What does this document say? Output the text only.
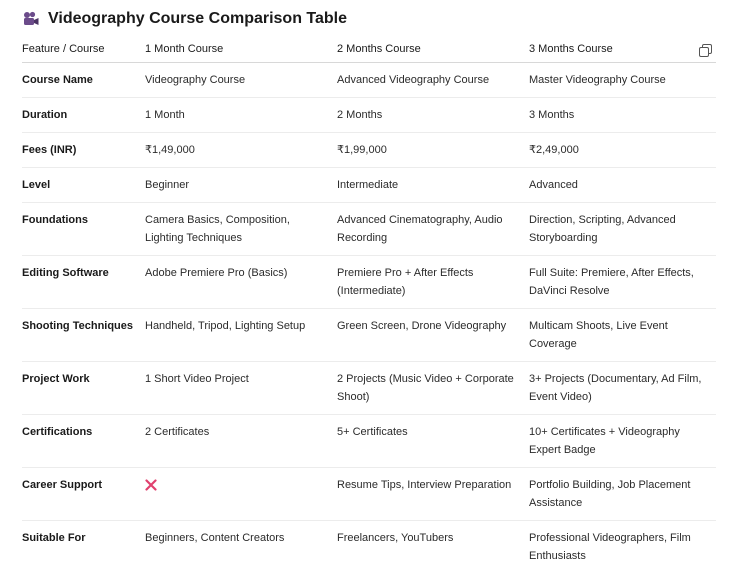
Videography Course Comparison Table
Feature / Course	1 Month Course	2 Months Course	3 Months Course
Course Name	Videography Course	Advanced Videography Course	Master Videography Course
Duration	1 Month	2 Months	3 Months
Fees (INR)	₹1,49,000	₹1,99,000	₹2,49,000
Level	Beginner	Intermediate	Advanced
Foundations	Camera Basics, Composition, Lighting Techniques	Advanced Cinematography, Audio Recording	Direction, Scripting, Advanced Storyboarding
Editing Software	Adobe Premiere Pro (Basics)	Premiere Pro + After Effects (Intermediate)	Full Suite: Premiere, After Effects, DaVinci Resolve
Shooting Techniques	Handheld, Tripod, Lighting Setup	Green Screen, Drone Videography	Multicam Shoots, Live Event Coverage
Project Work	1 Short Video Project	2 Projects (Music Video + Corporate Shoot)	3+ Projects (Documentary, Ad Film, Event Video)
Certifications	2 Certificates	5+ Certificates	10+ Certificates + Videography Expert Badge
Career Support		Resume Tips, Interview Preparation	Portfolio Building, Job Placement Assistance
Suitable For	Beginners, Content Creators	Freelancers, YouTubers	Professional Videographers, Film Enthusiasts
